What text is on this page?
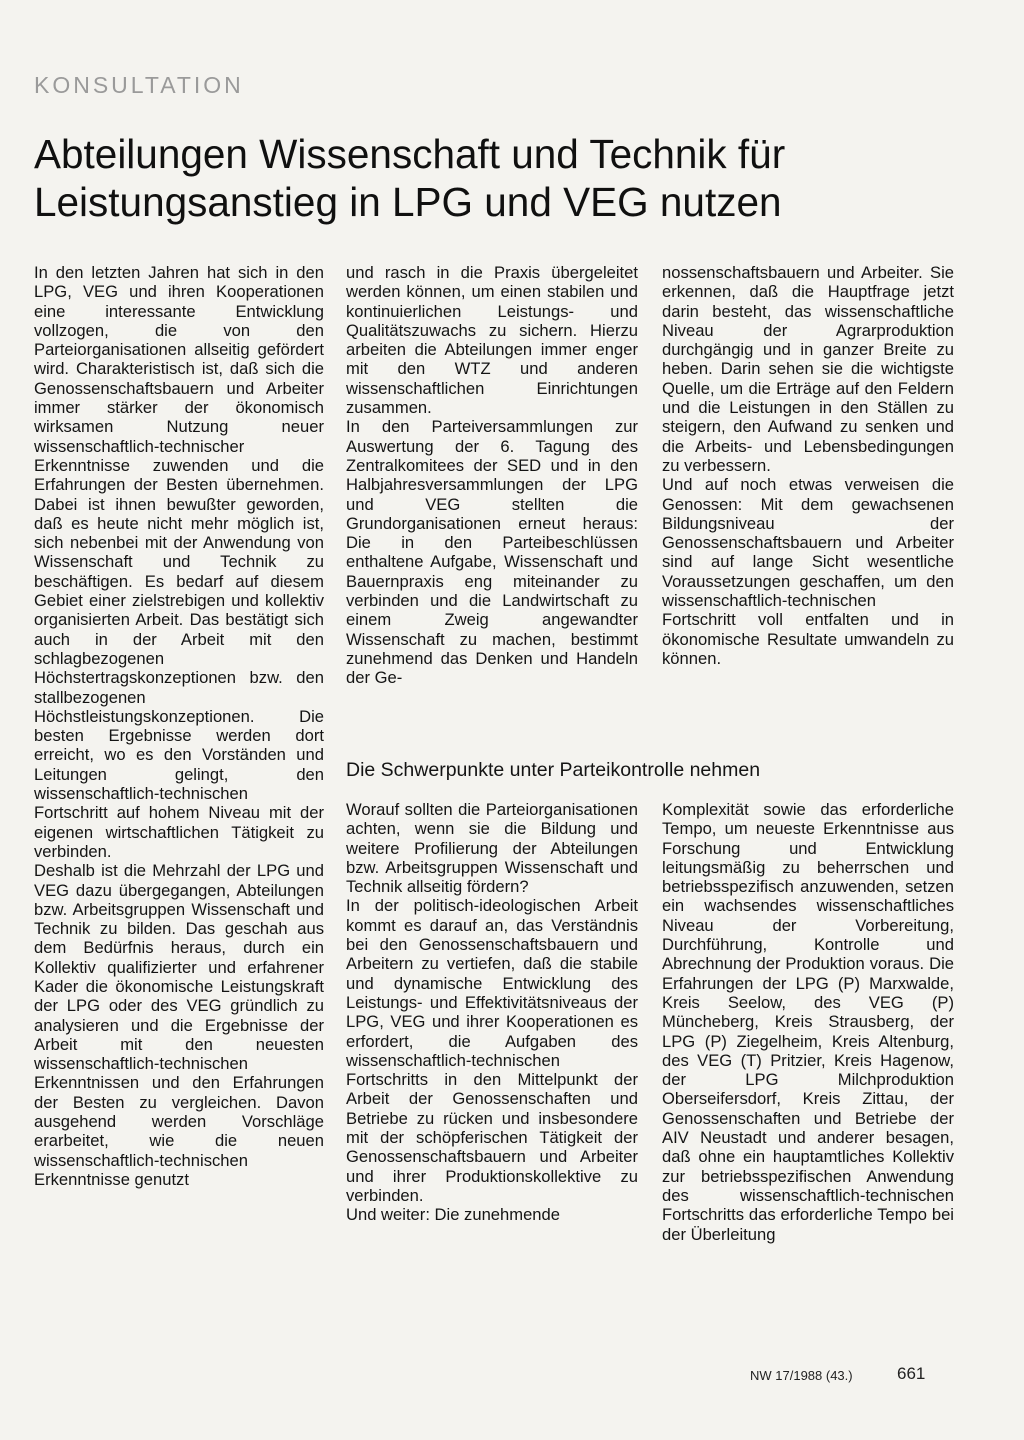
KONSULTATION
Abteilungen Wissenschaft und Technik für Leistungsanstieg in LPG und VEG nutzen

In den letzten Jahren hat sich in den LPG, VEG und ihren Kooperationen eine interessante Entwicklung vollzogen, die von den Parteiorganisationen allseitig gefördert wird. Charakteristisch ist, daß sich die Genossenschaftsbauern und Arbeiter immer stärker der ökonomisch wirksamen Nutzung neuer wissenschaftlich-technischer Erkenntnisse zuwenden und die Erfahrungen der Besten übernehmen. Dabei ist ihnen bewußter geworden, daß es heute nicht mehr möglich ist, sich nebenbei mit der Anwendung von Wissenschaft und Technik zu beschäftigen. Es bedarf auf diesem Gebiet einer zielstrebigen und kollektiv organisierten Arbeit. Das bestätigt sich auch in der Arbeit mit den schlagbezogenen Höchstertragskonzeptionen bzw. den stallbezogenen Höchstleistungskonzeptionen. Die besten Ergebnisse werden dort erreicht, wo es den Vorständen und Leitungen gelingt, den wissenschaftlich-technischen Fortschritt auf hohem Niveau mit der eigenen wirtschaftlichen Tätigkeit zu verbinden.

Deshalb ist die Mehrzahl der LPG und VEG dazu übergegangen, Abteilungen bzw. Arbeitsgruppen Wissenschaft und Technik zu bilden. Das geschah aus dem Bedürfnis heraus, durch ein Kollektiv qualifizierter und erfahrener Kader die ökonomische Leistungskraft der LPG oder des VEG gründlich zu analysieren und die Ergebnisse der Arbeit mit den neuesten wissenschaftlich-technischen Erkenntnissen und den Erfahrungen der Besten zu vergleichen. Davon ausgehend werden Vorschläge erarbeitet, wie die neuen wissenschaftlich-technischen Erkenntnisse genutzt

und rasch in die Praxis übergeleitet werden können, um einen stabilen und kontinuierlichen Leistungs- und Qualitätszuwachs zu sichern. Hierzu arbeiten die Abteilungen immer enger mit den WTZ und anderen wissenschaftlichen Einrichtungen zusammen.

In den Parteiversammlungen zur Auswertung der 6. Tagung des Zentralkomitees der SED und in den Halbjahresversammlungen der LPG und VEG stellten die Grundorganisationen erneut heraus: Die in den Parteibeschlüssen enthaltene Aufgabe, Wissenschaft und Bauernpraxis eng miteinander zu verbinden und die Landwirtschaft zu einem Zweig angewandter Wissenschaft zu machen, bestimmt zunehmend das Denken und Handeln der Ge-

nossenschaftsbauern und Arbeiter. Sie erkennen, daß die Hauptfrage jetzt darin besteht, das wissenschaftliche Niveau der Agrarproduktion durchgängig und in ganzer Breite zu heben. Darin sehen sie die wichtigste Quelle, um die Erträge auf den Feldern und die Leistungen in den Ställen zu steigern, den Aufwand zu senken und die Arbeits- und Lebensbedingungen zu verbessern.

Und auf noch etwas verweisen die Genossen: Mit dem gewachsenen Bildungsniveau der Genossenschaftsbauern und Arbeiter sind auf lange Sicht wesentliche Voraussetzungen geschaffen, um den wissenschaftlich-technischen Fortschritt voll entfalten und in ökonomische Resultate umwandeln zu können.

Die Schwerpunkte unter Parteikontrolle nehmen

Worauf sollten die Parteiorganisationen achten, wenn sie die Bildung und weitere Profilierung der Abteilungen bzw. Arbeitsgruppen Wissenschaft und Technik allseitig fördern?

In der politisch-ideologischen Arbeit kommt es darauf an, das Verständnis bei den Genossenschaftsbauern und Arbeitern zu vertiefen, daß die stabile und dynamische Entwicklung des Leistungs- und Effektivitätsniveaus der LPG, VEG und ihrer Kooperationen es erfordert, die Aufgaben des wissenschaftlich-technischen Fortschritts in den Mittelpunkt der Arbeit der Genossenschaften und Betriebe zu rücken und insbesondere mit der schöpferischen Tätigkeit der Genossenschaftsbauern und Arbeiter und ihrer Produktionskollektive zu verbinden.

Und weiter: Die zunehmende

Komplexität sowie das erforderliche Tempo, um neueste Erkenntnisse aus Forschung und Entwicklung leitungsmäßig zu beherrschen und betriebsspezifisch anzuwenden, setzen ein wachsendes wissenschaftliches Niveau der Vorbereitung, Durchführung, Kontrolle und Abrechnung der Produktion voraus. Die Erfahrungen der LPG (P) Marxwalde, Kreis Seelow, des VEG (P) Müncheberg, Kreis Strausberg, der LPG (P) Ziegelheim, Kreis Altenburg, des VEG (T) Pritzier, Kreis Hagenow, der LPG Milchproduktion Oberseifersdorf, Kreis Zittau, der Genossenschaften und Betriebe der AIV Neustadt und anderer besagen, daß ohne ein hauptamtliches Kollektiv zur betriebsspezifischen Anwendung des wissenschaftlich-technischen Fortschritts das erforderliche Tempo bei der Überleitung

NW 17/1988 (43.)	661
